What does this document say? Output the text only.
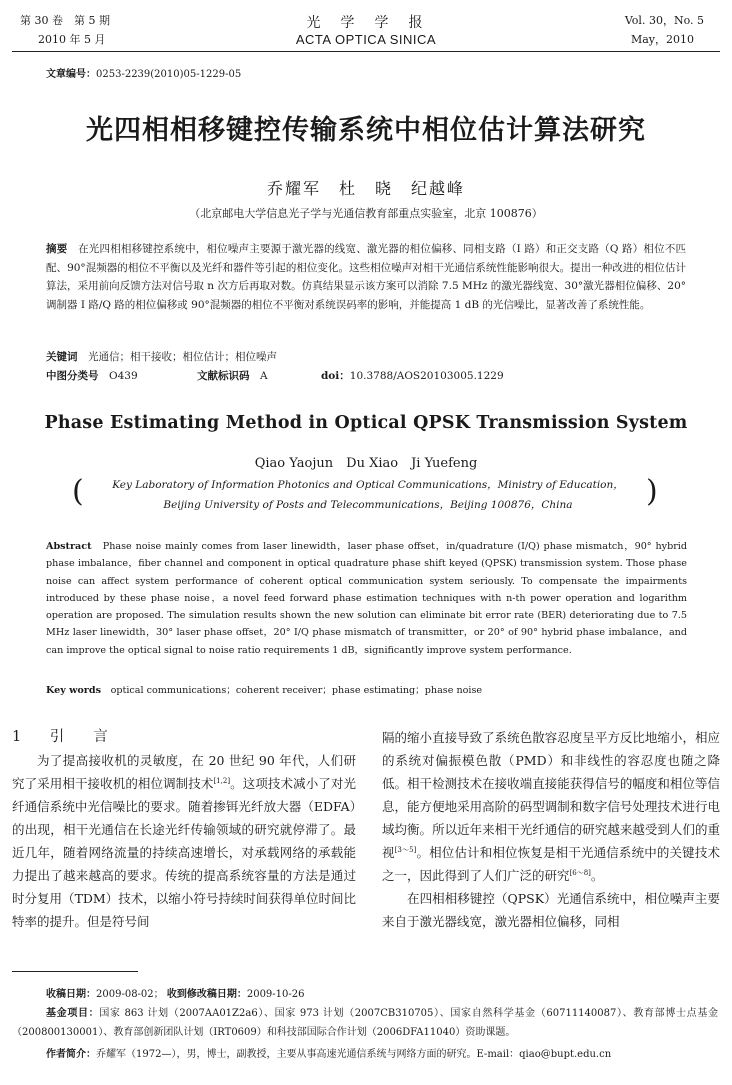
第 30 卷　第 5 期
2010 年 5 月
光　学　学　报
ACTA OPTICA SINICA
Vol. 30，No. 5
May，2010
文章编号：0253-2239(2010)05-1229-05
光四相相移键控传输系统中相位估计算法研究
乔耀军　杜　晓　纪越峰
（北京邮电大学信息光子学与光通信教育部重点实验室，北京 100876）
摘要　 在光四相相移键控系统中，相位噪声主要源于激光器的线宽、激光器的相位偏移、同相支路（I 路）和正交支路（Q 路）相位不匹配、90°混频器的相位不平衡以及光纤和器件等引起的相位变化。这些相位噪声对相干光通信系统性能影响很大。提出一种改进的相位估计算法，采用前向反馈方法对信号取 n 次方后再取对数。仿真结果显示该方案可以消除 7.5 MHz 的激光器线宽、30°激光器相位偏移、20°调制器 I 路/Q 路的相位偏移或 90°混频器的相位不平衡对系统误码率的影响，并能提高 1 dB 的光信噪比，显著改善了系统性能。
关键词　 光通信；相干接收；相位估计；相位噪声
中图分类号　 O439	文献标识码　 A	doi：10.3788/AOS20103005.1229
Phase Estimating Method in Optical QPSK Transmission System
Qiao Yaojun　Du Xiao　Ji Yuefeng
(	Key Laboratory of Information Photonics and Optical Communications，Ministry of Education，
Beijing University of Posts and Telecommunications，Beijing 100876，China	)
Abstract　 Phase noise mainly comes from laser linewidth，laser phase offset，in/quadrature (I/Q) phase mismatch，90° hybrid phase imbalance，fiber channel and component in optical quadrature phase shift keyed (QPSK) transmission system. Those phase noise can affect system performance of coherent optical communication system seriously. To compensate the impairments introduced by these phase noise，a novel feed forward phase estimation techniques with n-th power operation and logarithm operation are proposed. The simulation results shown the new solution can eliminate bit error rate (BER) deteriorating due to 7.5 MHz laser linewidth，30° laser phase offset，20° I/Q phase mismatch of transmitter，or 20° of 90° hybrid phase imbalance，and can improve the optical signal to noise ratio requirements 1 dB，significantly improve system performance.
Key words　 optical communications；coherent receiver；phase estimating；phase noise
1　 引　　言
为了提高接收机的灵敏度，在 20 世纪 90 年代，人们研究了采用相干接收机的相位调制技术[1,2]。这项技术减小了对光纤通信系统中光信噪比的要求。随着掺铒光纤放大器（EDFA）的出现，相干光通信在长途光纤传输领域的研究就停滞了。最近几年，随着网络流量的持续高速增长，对承载网络的承载能力提出了越来越高的要求。传统的提高系统容量的方法是通过时分复用（TDM）技术，以缩小符号持续时间获得单位时间比特率的提升。但是符号间
隔的缩小直接导致了系统色散容忍度呈平方反比地缩小，相应的系统对偏振模色散（PMD）和非线性的容忍度也随之降低。相干检测技术在接收端直接能获得信号的幅度和相位等信息，能方便地采用高阶的码型调制和数字信号处理技术进行电域均衡。所以近年来相干光纤通信的研究越来越受到人们的重视[3～5]。相位估计和相位恢复是相干光通信系统中的关键技术之一，因此得到了人们广泛的研究[6～8]。
在四相相移键控（QPSK）光通信系统中，相位噪声主要来自于激光器线宽，激光器相位偏移，同相
收稿日期：2009-08-02； 收到修改稿日期：2009-10-26
基金项目：国家 863 计划（2007AA01Z2a6）、国家 973 计划（2007CB310705）、国家自然科学基金（60711140087）、教育部博士点基金（200800130001）、教育部创新团队计划（IRT0609）和科技部国际合作计划（2006DFA11040）资助课题。
作者简介：乔耀军（1972—），男，博士，副教授，主要从事高速光通信系统与网络方面的研究。E-mail：qiao@bupt.edu.cn
